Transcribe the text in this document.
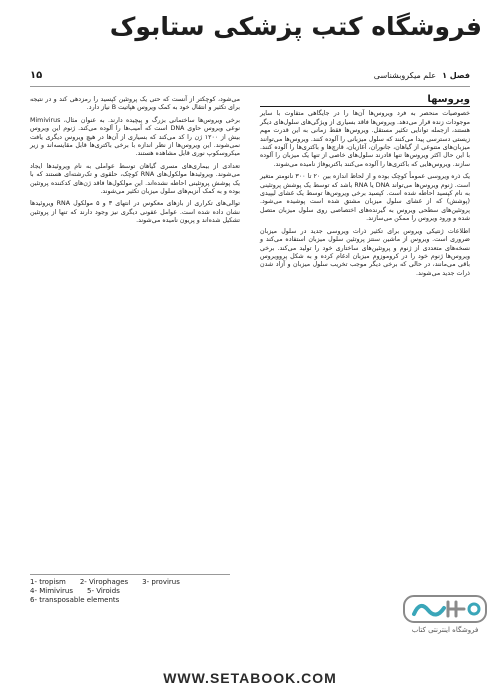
فروشگاه کتب پزشکی ستابوک
۱۵	فصل ۱علم میکروبشناسی
ویروسها

خصوصیات منحصر به فرد ویروس‌ها آن‌ها را در جایگاهی متفاوت با سایر موجودات زنده قرار می‌دهد. ویروس‌ها فاقد بسیاری از ویژگی‌های سلول‌های دیگر هستند، ازجمله توانایی تکثیر مستقل. ویروس‌ها فقط زمانی به این قدرت مهم زیستی دسترسی پیدا می‌کنند که سلول میزبانی را آلوده کنند. ویروس‌ها می‌توانند میزبان‌های متنوعی از گیاهان، جانوران، آغازیان، قارچ‌ها و باکتری‌ها را آلوده کنند. با این حال اکثر ویروس‌ها تنها قادرند سلول‌های خاصی از تنها یک میزبان را آلوده سازند. ویروس‌هایی که باکتری‌ها را آلوده می‌کنند باکتریوفاژ نامیده می‌شوند.

یک ذره ویروسی عموماً کوچک بوده و از لحاظ اندازه بین ۲۰ تا ۳۰۰ نانومتر متغیر است. ژنوم ویروس‌ها می‌تواند DNA یا RNA باشد که توسط یک پوشش پروتئینی به نام کپسید احاطه شده است. کپسید برخی ویروس‌ها توسط یک غشای لیپیدی (پوشش) که از غشای سلول میزبان مشتق شده است پوشیده می‌شود. پروتئین‌های سطحی ویروس به گیرنده‌های اختصاصی روی سلول میزبان متصل شده و ورود ویروس را ممکن می‌سازند.

اطلاعات ژنتیکی ویروس برای تکثیر ذرات ویروسی جدید در سلول میزبان ضروری است. ویروس از ماشین سنتز پروتئین سلول میزبان استفاده می‌کند و نسخه‌های متعددی از ژنوم و پروتئین‌های ساختاری خود را تولید می‌کند. برخی ویروس‌ها ژنوم خود را در کروموزوم میزبان ادغام کرده و به شکل پروویروس باقی می‌مانند، در حالی که برخی دیگر موجب تخریب سلول میزبان و آزاد شدن ذرات جدید می‌شوند.

می‌شود، کوچکتر از آنست که حتی یک پروتئین کپسید را رمزدهی کند و در نتیجه برای تکثیر و انتقال خود به کمک ویروس هپاتیت B نیاز دارد.

برخی ویروس‌ها ساختمانی بزرگ و پیچیده دارند. به عنوان مثال، Mimivirus نوعی ویروس حاوی DNA است که آمیب‌ها را آلوده می‌کند. ژنوم این ویروس بیش از ۱۲۰۰ ژن را کد می‌کند که بسیاری از آن‌ها در هیچ ویروس دیگری یافت نمی‌شوند. این ویروس‌ها از نظر اندازه با برخی باکتری‌ها قابل مقایسه‌اند و زیر میکروسکوپ نوری قابل مشاهده هستند.

تعدادی از بیماری‌های مسری گیاهان توسط عواملی به نام ویروئیدها ایجاد می‌شوند. ویروئیدها مولکول‌های RNA کوچک، حلقوی و تک‌رشته‌ای هستند که با یک پوشش پروتئینی احاطه نشده‌اند. این مولکول‌ها فاقد ژن‌های کدکننده پروتئین بوده و به کمک آنزیم‌های سلول میزبان تکثیر می‌شوند.

توالی‌های تکراری از بازهای معکوس در انتهای ۳ و ۵ مولکول RNA ویروئیدها نشان داده شده است. عوامل عفونی دیگری نیز وجود دارند که تنها از پروتئین تشکیل شده‌اند و پریون نامیده می‌شوند.

1- tropism 2- Virophages 3- provirus
4- Mimivirus 5- Viroids
6- transposable elements
فروشگاه اینترنتی کتاب
WWW.SETABOOK.COM
